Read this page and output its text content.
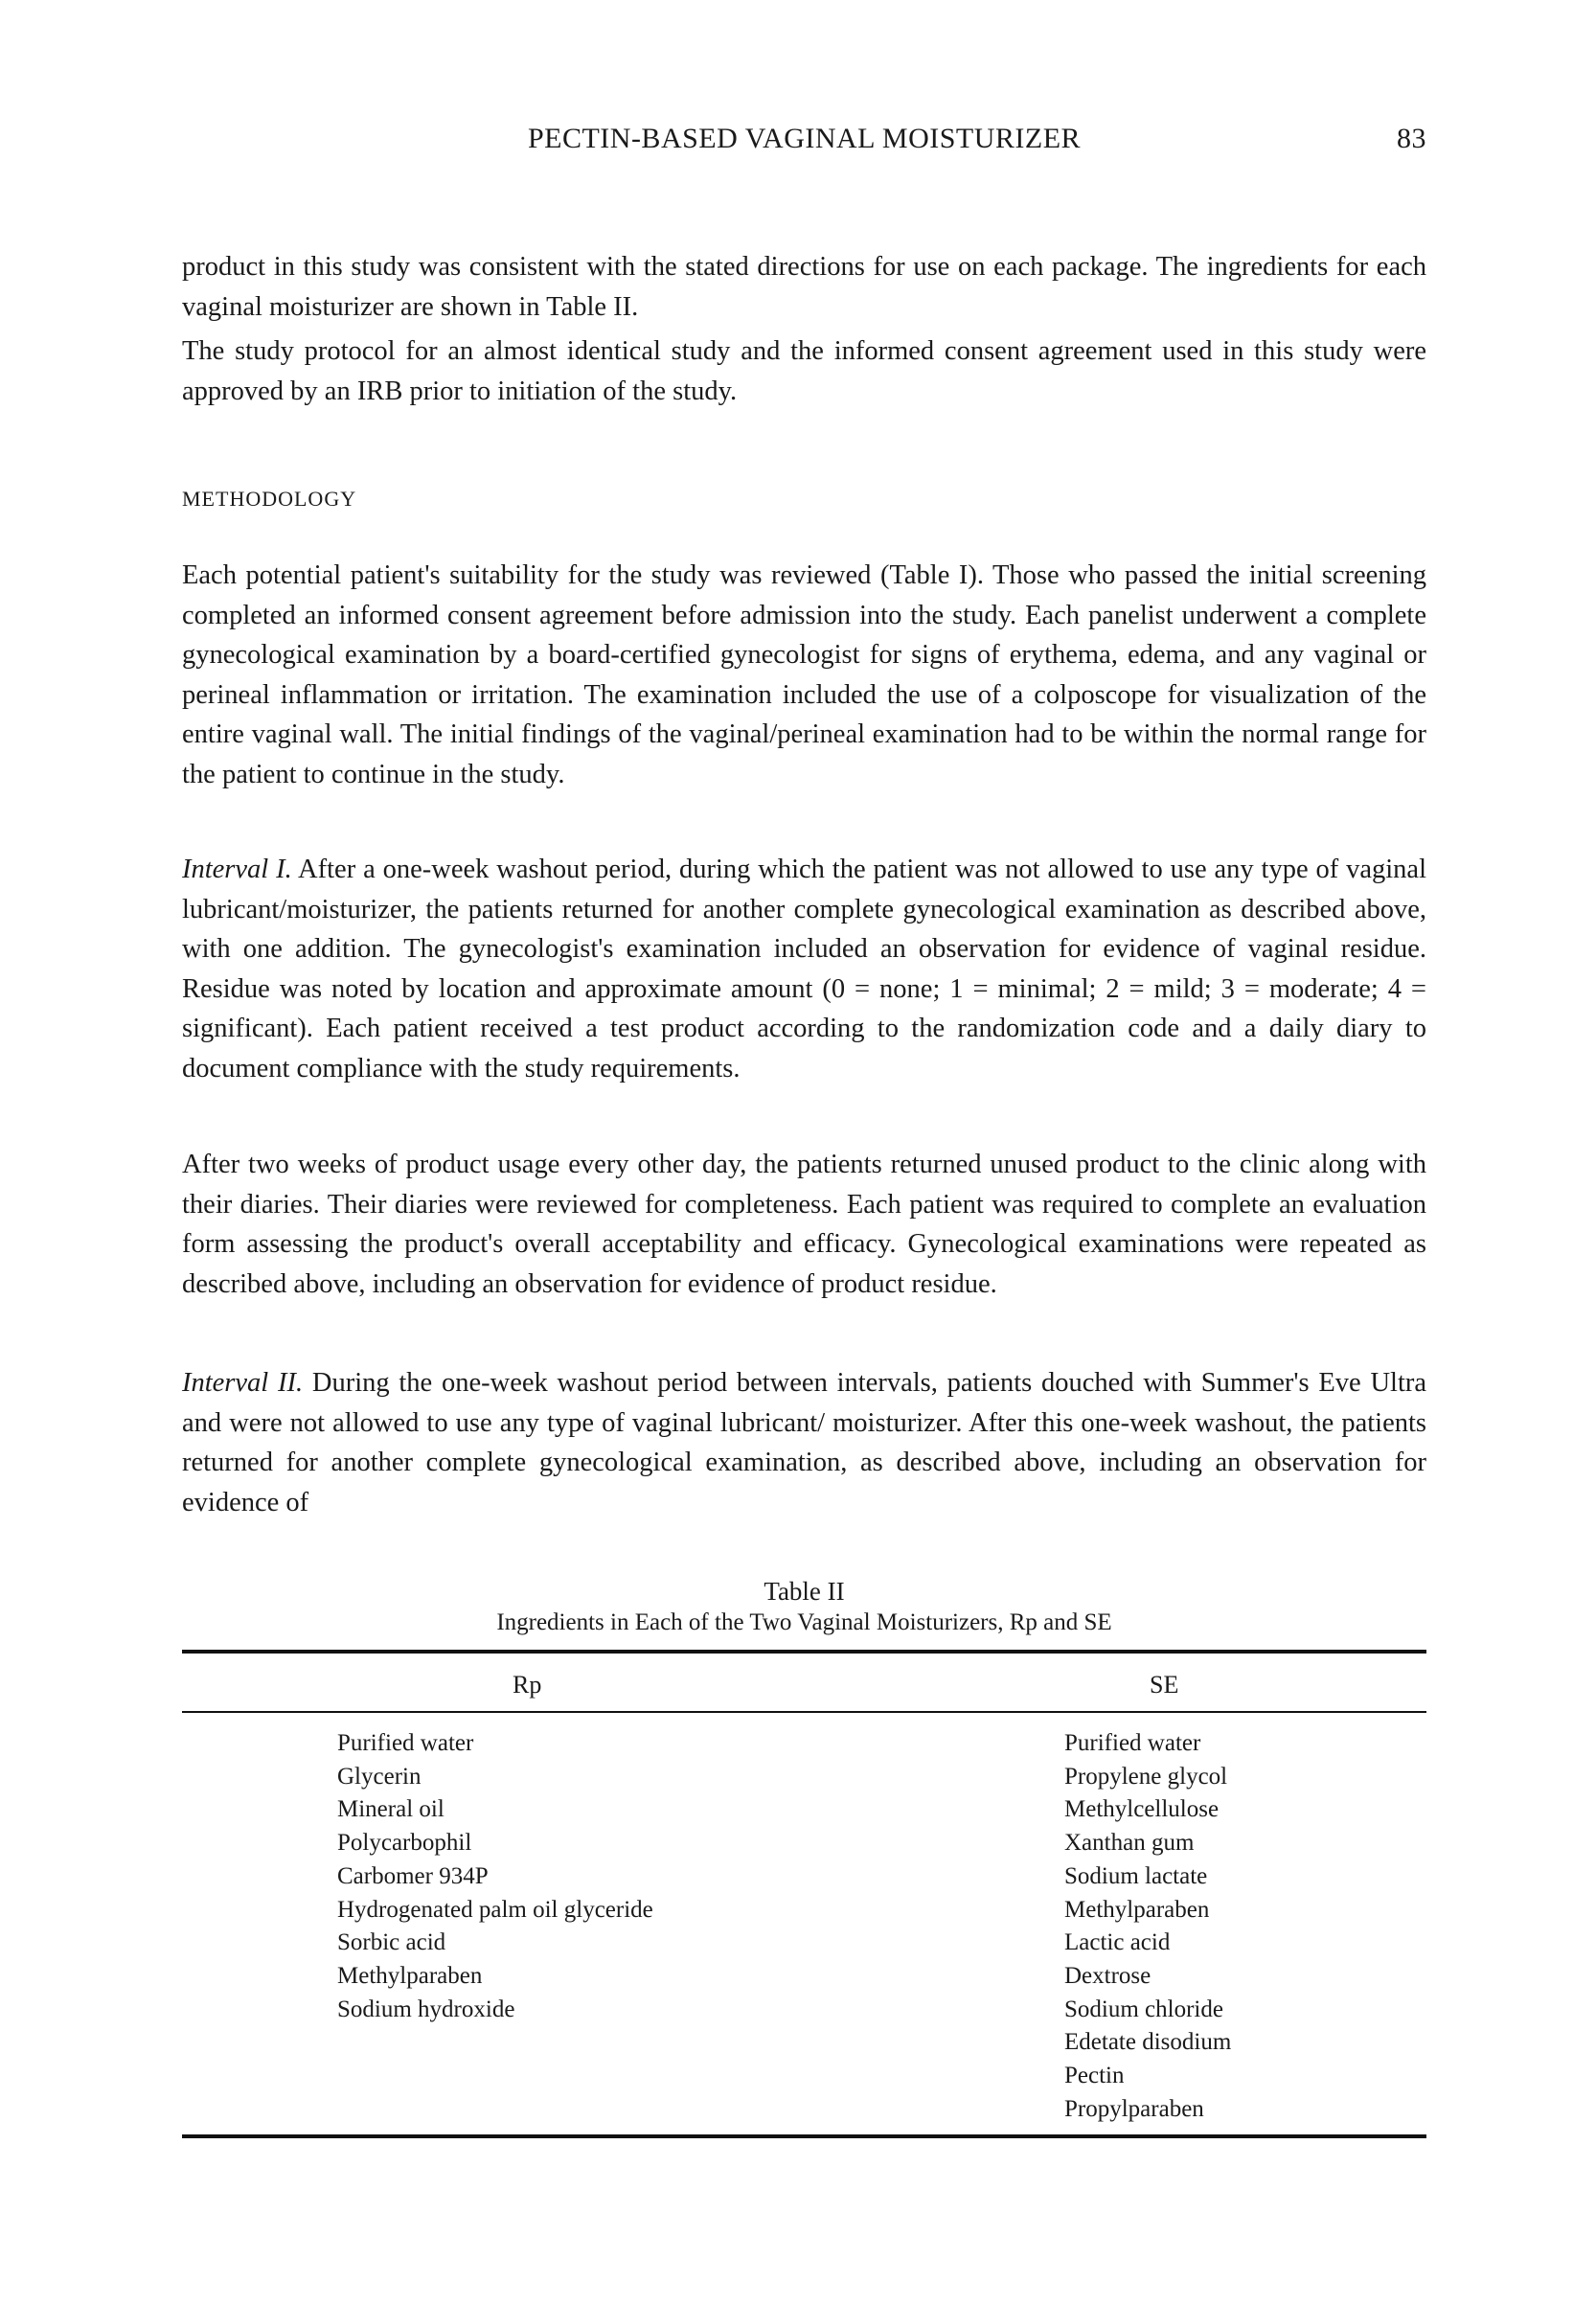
PECTIN-BASED VAGINAL MOISTURIZER	83

product in this study was consistent with the stated directions for use on each package. The ingredients for each vaginal moisturizer are shown in Table II.

The study protocol for an almost identical study and the informed consent agreement used in this study were approved by an IRB prior to initiation of the study.

METHODOLOGY

Each potential patient's suitability for the study was reviewed (Table I). Those who passed the initial screening completed an informed consent agreement before admission into the study. Each panelist underwent a complete gynecological examination by a board-certified gynecologist for signs of erythema, edema, and any vaginal or perineal inflammation or irritation. The examination included the use of a colposcope for visualization of the entire vaginal wall. The initial findings of the vaginal/perineal examination had to be within the normal range for the patient to continue in the study.

Interval I. After a one-week washout period, during which the patient was not allowed to use any type of vaginal lubricant/moisturizer, the patients returned for another complete gynecological examination as described above, with one addition. The gynecologist's examination included an observation for evidence of vaginal residue. Residue was noted by location and approximate amount (0 = none; 1 = minimal; 2 = mild; 3 = moderate; 4 = significant). Each patient received a test product according to the randomization code and a daily diary to document compliance with the study requirements.

After two weeks of product usage every other day, the patients returned unused product to the clinic along with their diaries. Their diaries were reviewed for completeness. Each patient was required to complete an evaluation form assessing the product's overall acceptability and efficacy. Gynecological examinations were repeated as described above, including an observation for evidence of product residue.

Interval II. During the one-week washout period between intervals, patients douched with Summer's Eve Ultra and were not allowed to use any type of vaginal lubricant/ moisturizer. After this one-week washout, the patients returned for another complete gynecological examination, as described above, including an observation for evidence of

Table II
Ingredients in Each of the Two Vaginal Moisturizers, Rp and SE
Rp	SE
Purified water
Glycerin
Mineral oil
Polycarbophil
Carbomer 934P
Hydrogenated palm oil glyceride
Sorbic acid
Methylparaben
Sodium hydroxide
Purified water
Propylene glycol
Methylcellulose
Xanthan gum
Sodium lactate
Methylparaben
Lactic acid
Dextrose
Sodium chloride
Edetate disodium
Pectin
Propylparaben
